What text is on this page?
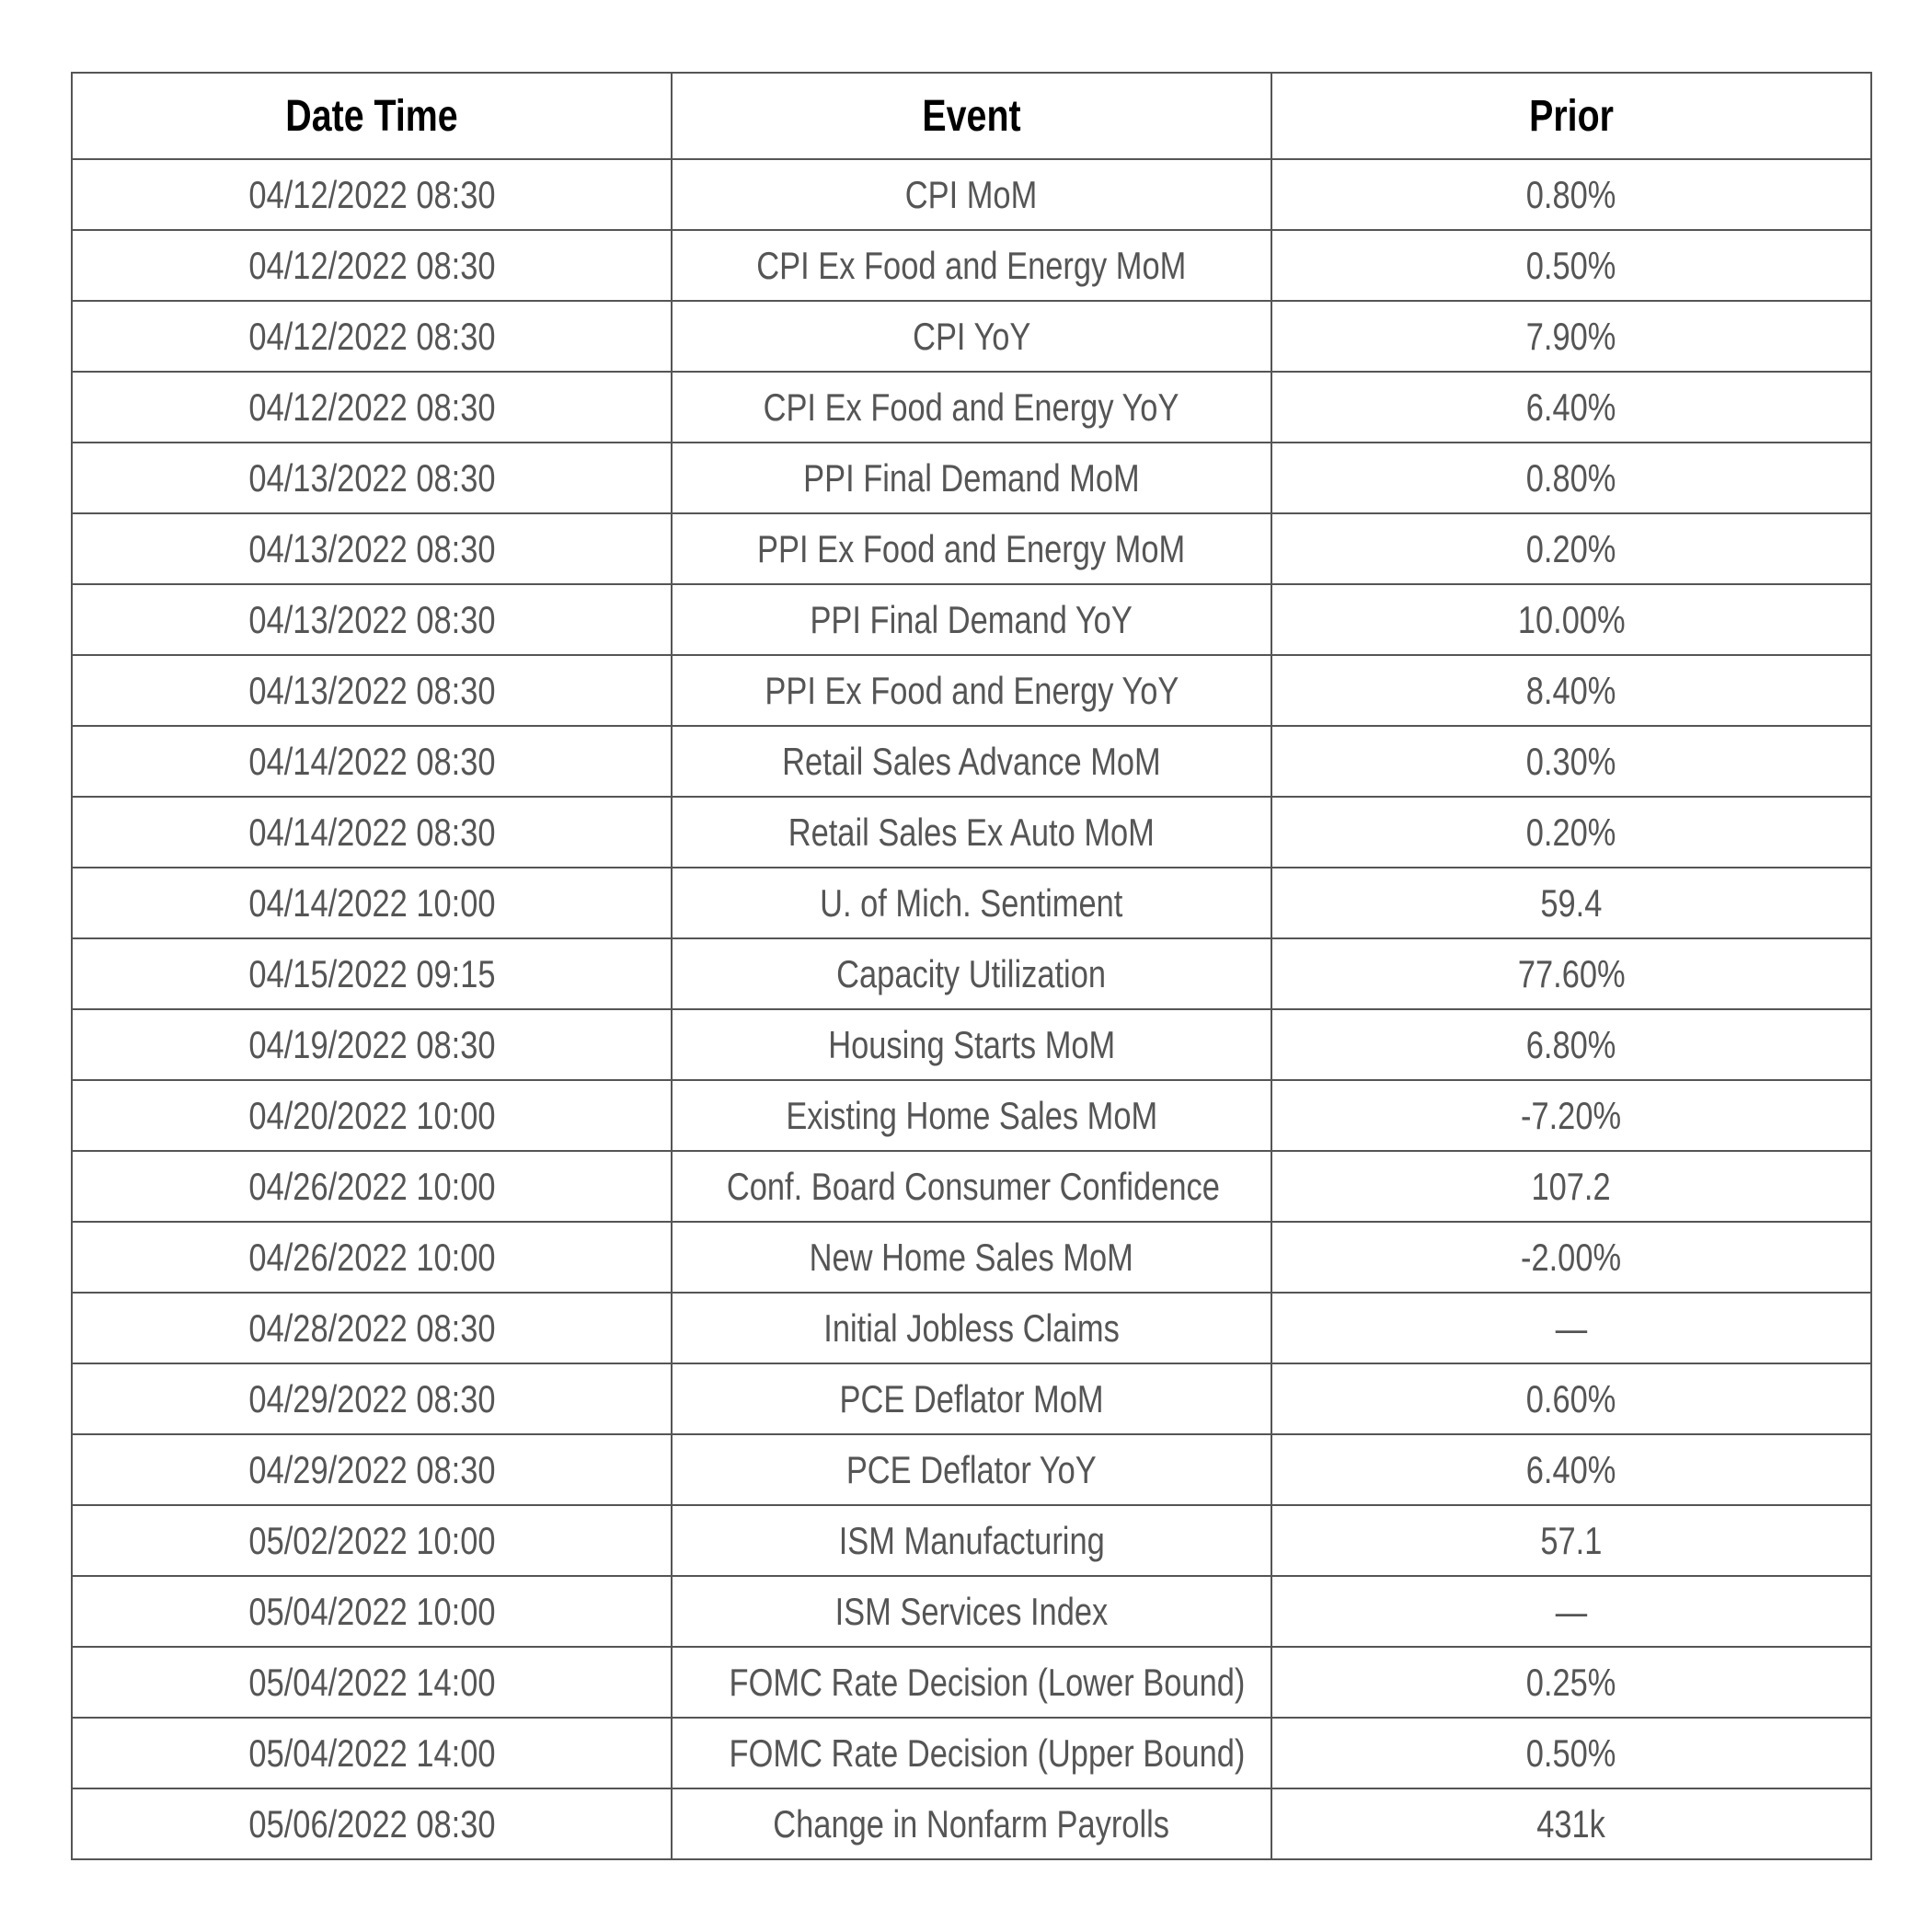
Date Time	Event	Prior
04/12/2022 08:30	CPI MoM	0.80%
04/12/2022 08:30	CPI Ex Food and Energy MoM	0.50%
04/12/2022 08:30	CPI YoY	7.90%
04/12/2022 08:30	CPI Ex Food and Energy YoY	6.40%
04/13/2022 08:30	PPI Final Demand MoM	0.80%
04/13/2022 08:30	PPI Ex Food and Energy MoM	0.20%
04/13/2022 08:30	PPI Final Demand YoY	10.00%
04/13/2022 08:30	PPI Ex Food and Energy YoY	8.40%
04/14/2022 08:30	Retail Sales Advance MoM	0.30%
04/14/2022 08:30	Retail Sales Ex Auto MoM	0.20%
04/14/2022 10:00	U. of Mich. Sentiment	59.4
04/15/2022 09:15	Capacity Utilization	77.60%
04/19/2022 08:30	Housing Starts MoM	6.80%
04/20/2022 10:00	Existing Home Sales MoM	-7.20%
04/26/2022 10:00	Conf. Board Consumer Confidence	107.2
04/26/2022 10:00	New Home Sales MoM	-2.00%
04/28/2022 08:30	Initial Jobless Claims	—
04/29/2022 08:30	PCE Deflator MoM	0.60%
04/29/2022 08:30	PCE Deflator YoY	6.40%
05/02/2022 10:00	ISM Manufacturing	57.1
05/04/2022 10:00	ISM Services Index	—
05/04/2022 14:00	FOMC Rate Decision (Lower Bound)	0.25%
05/04/2022 14:00	FOMC Rate Decision (Upper Bound)	0.50%
05/06/2022 08:30	Change in Nonfarm Payrolls	431k
